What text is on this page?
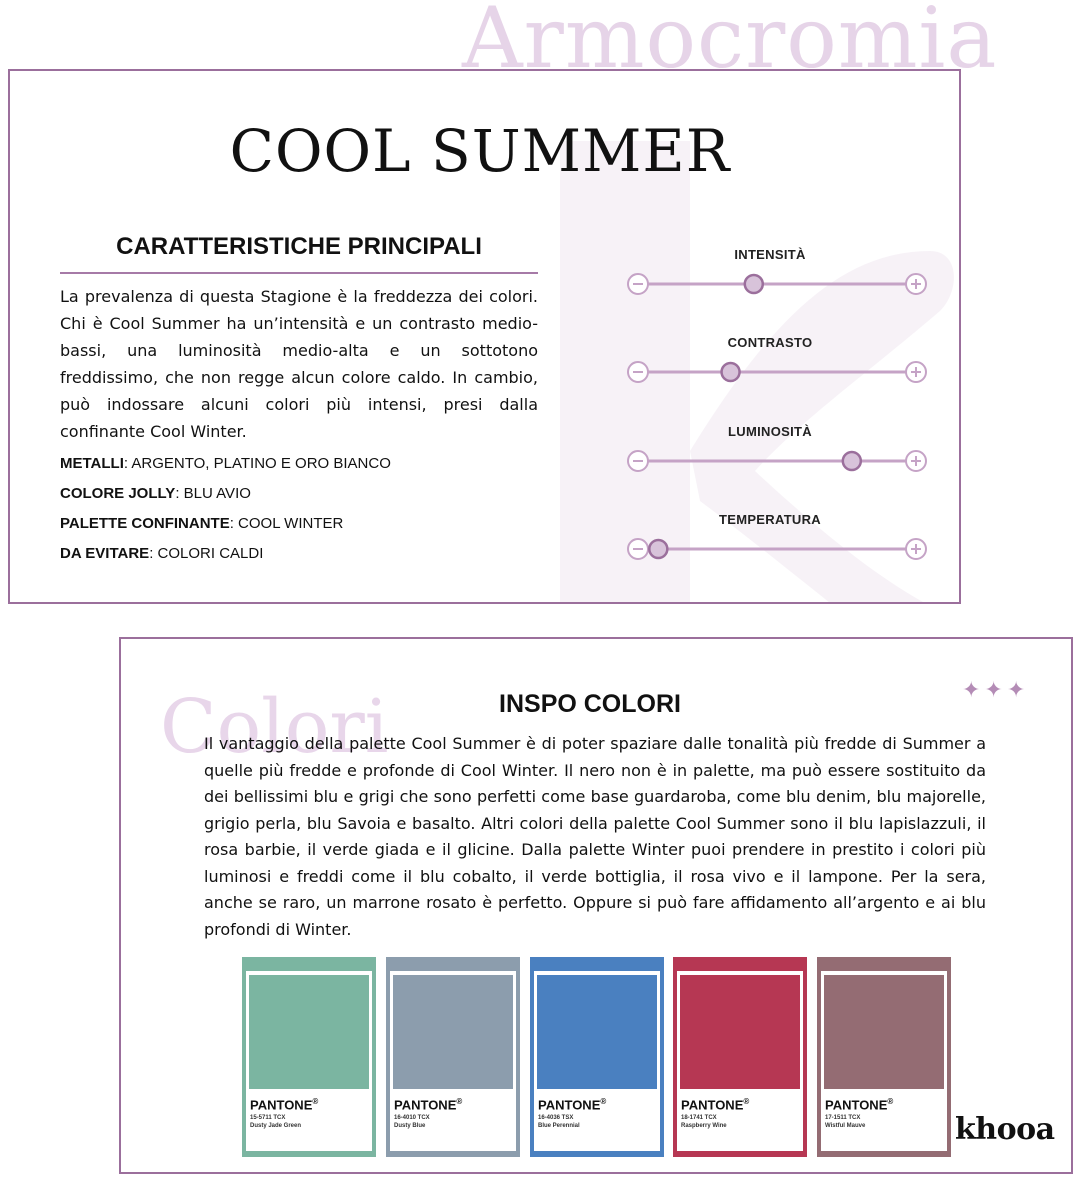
Armocromia
COOL SUMMER
CARATTERISTICHE PRINCIPALI

La prevalenza di questa Stagione è la freddezza dei colori. Chi è Cool Summer ha un’intensità e un contrasto medio-bassi, una luminosità medio-alta e un sottotono freddissimo, che non regge alcun colore caldo. In cambio, può indossare alcuni colori più intensi, presi dalla confinante Cool Winter.

METALLI: ARGENTO, PLATINO E ORO BIANCO
COLORE JOLLY: BLU AVIO
PALETTE CONFINANTE: COOL WINTER
DA EVITARE: COLORI CALDI
INTENSITÀ
CONTRASTO
LUMINOSITÀ
TEMPERATURA
Colori	✦✦✦
INSPO COLORI

Il vantaggio della palette Cool Summer è di poter spaziare dalle tonalità più fredde di Summer a quelle più fredde e profonde di Cool Winter. Il nero non è in palette, ma può essere sostituito da dei bellissimi blu e grigi che sono perfetti come base guardaroba, come blu denim, blu majorelle, grigio perla, blu Savoia e basalto. Altri colori della palette Cool Summer sono il blu lapislazzuli, il rosa barbie, il verde giada e il glicine. Dalla palette Winter puoi prendere in prestito i colori più luminosi e freddi come il blu cobalto, il verde bottiglia, il rosa vivo e il lampone. Per la sera, anche se raro, un marrone rosato è perfetto. Oppure si può fare affidamento all’argento e ai blu profondi di Winter.

PANTONE®
15-5711 TCX
Dusty Jade Green
PANTONE®
16-4010 TCX
Dusty Blue
PANTONE®
16-4036 TSX
Blue Perennial
PANTONE®
18-1741 TCX
Raspberry Wine
PANTONE®
17-1511 TCX
Wistful Mauve	khooa
